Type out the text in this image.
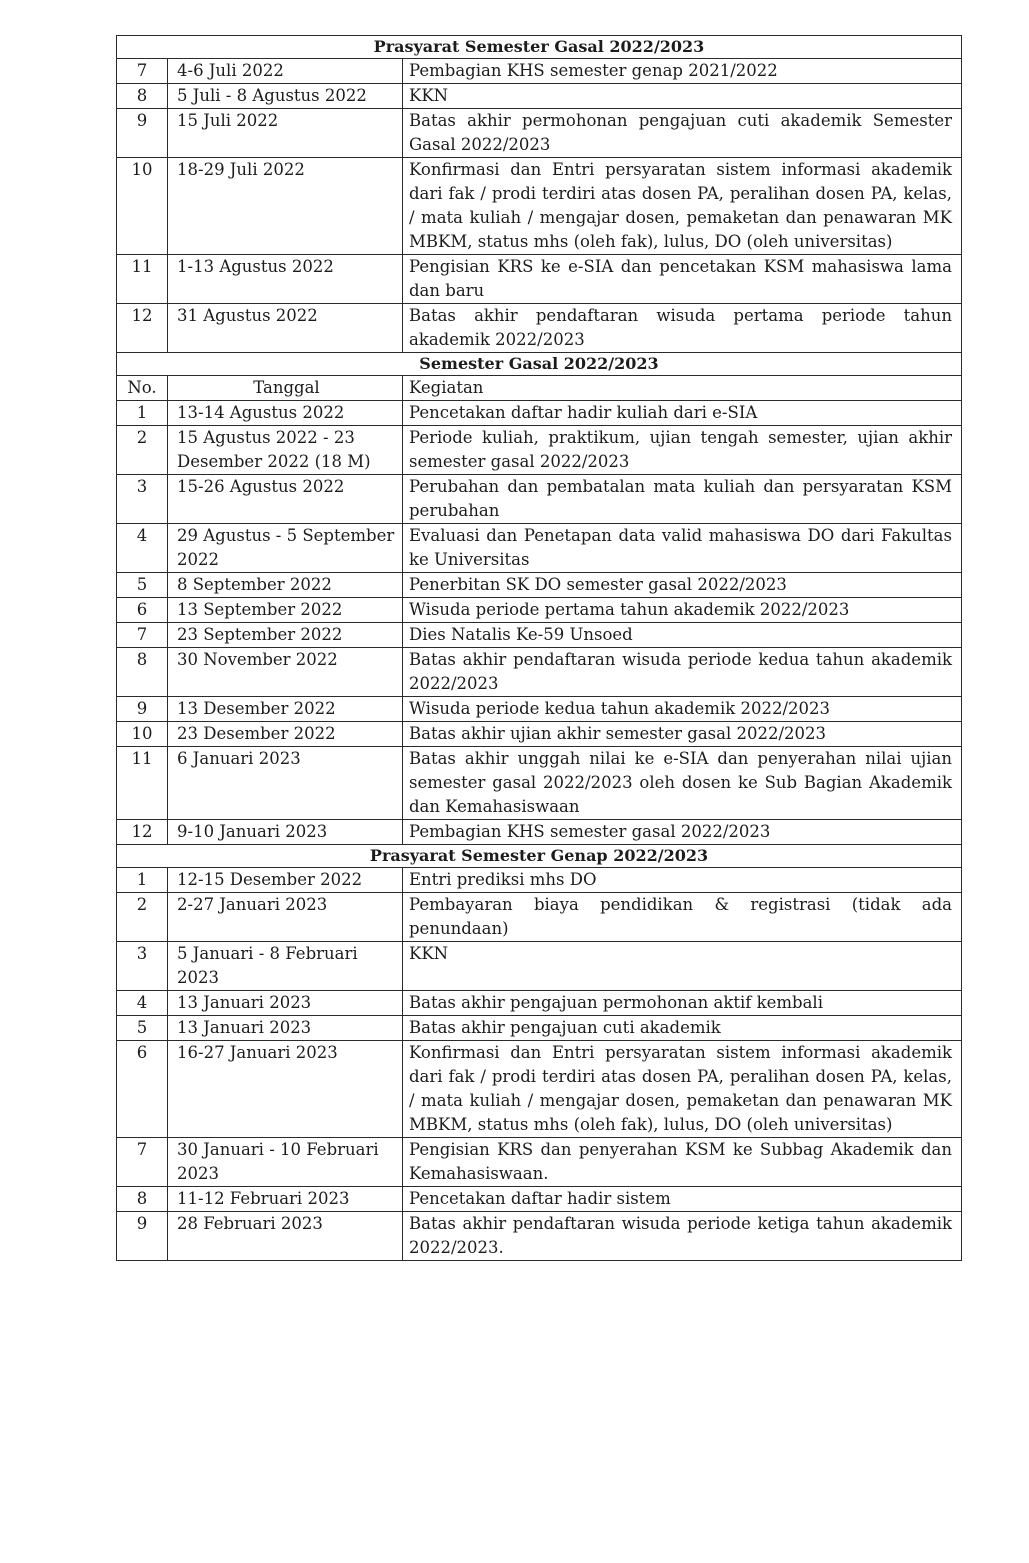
Prasyarat Semester Gasal 2022/2023		
7	4-6 Juli 2022	Pembagian KHS semester genap 2021/2022
8	5 Juli - 8 Agustus 2022	KKN
9	15 Juli 2022	Batas akhir permohonan pengajuan cuti akademik Semester Gasal 2022/2023
10	18-29 Juli 2022	Konfirmasi dan Entri persyaratan sistem informasi akademik dari fak / prodi terdiri atas dosen PA, peralihan dosen PA, kelas, / mata kuliah / mengajar dosen, pemaketan dan penawaran MK MBKM, status mhs (oleh fak), lulus, DO (oleh universitas)
11	1-13 Agustus 2022	Pengisian KRS ke e-SIA dan pencetakan KSM mahasiswa lama dan baru
12	31 Agustus 2022	Batas akhir pendaftaran wisuda pertama periode tahun akademik 2022/2023
Semester Gasal 2022/2023		
No.	Tanggal	Kegiatan
1	13-14 Agustus 2022	Pencetakan daftar hadir kuliah dari e-SIA
2	15 Agustus 2022 - 23 Desember 2022 (18 M)	Periode kuliah, praktikum, ujian tengah semester, ujian akhir semester gasal 2022/2023
3	15-26 Agustus 2022	Perubahan dan pembatalan mata kuliah dan persyaratan KSM perubahan
4	29 Agustus - 5 September 2022	Evaluasi dan Penetapan data valid mahasiswa DO dari Fakultas ke Universitas
5	8 September 2022	Penerbitan SK DO semester gasal 2022/2023
6	13 September 2022	Wisuda periode pertama tahun akademik 2022/2023
7	23 September 2022	Dies Natalis Ke-59 Unsoed
8	30 November 2022	Batas akhir pendaftaran wisuda periode kedua tahun akademik 2022/2023
9	13 Desember 2022	Wisuda periode kedua tahun akademik 2022/2023
10	23 Desember 2022	Batas akhir ujian akhir semester gasal 2022/2023
11	6 Januari 2023	Batas akhir unggah nilai ke e-SIA dan penyerahan nilai ujian semester gasal 2022/2023 oleh dosen ke Sub Bagian Akademik dan Kemahasiswaan
12	9-10 Januari 2023	Pembagian KHS semester gasal 2022/2023
Prasyarat Semester Genap 2022/2023		
1	12-15 Desember 2022	Entri prediksi mhs DO
2	2-27 Januari 2023	Pembayaran biaya pendidikan & registrasi (tidak ada penundaan)
3	5 Januari - 8 Februari 2023	KKN
4	13 Januari 2023	Batas akhir pengajuan permohonan aktif kembali
5	13 Januari 2023	Batas akhir pengajuan cuti akademik
6	16-27 Januari 2023	Konfirmasi dan Entri persyaratan sistem informasi akademik dari fak / prodi terdiri atas dosen PA, peralihan dosen PA, kelas, / mata kuliah / mengajar dosen, pemaketan dan penawaran MK MBKM, status mhs (oleh fak), lulus, DO (oleh universitas)
7	30 Januari - 10 Februari 2023	Pengisian KRS dan penyerahan KSM ke Subbag Akademik dan Kemahasiswaan.
8	11-12 Februari 2023	Pencetakan daftar hadir sistem
9	28 Februari 2023	Batas akhir pendaftaran wisuda periode ketiga tahun akademik 2022/2023.
